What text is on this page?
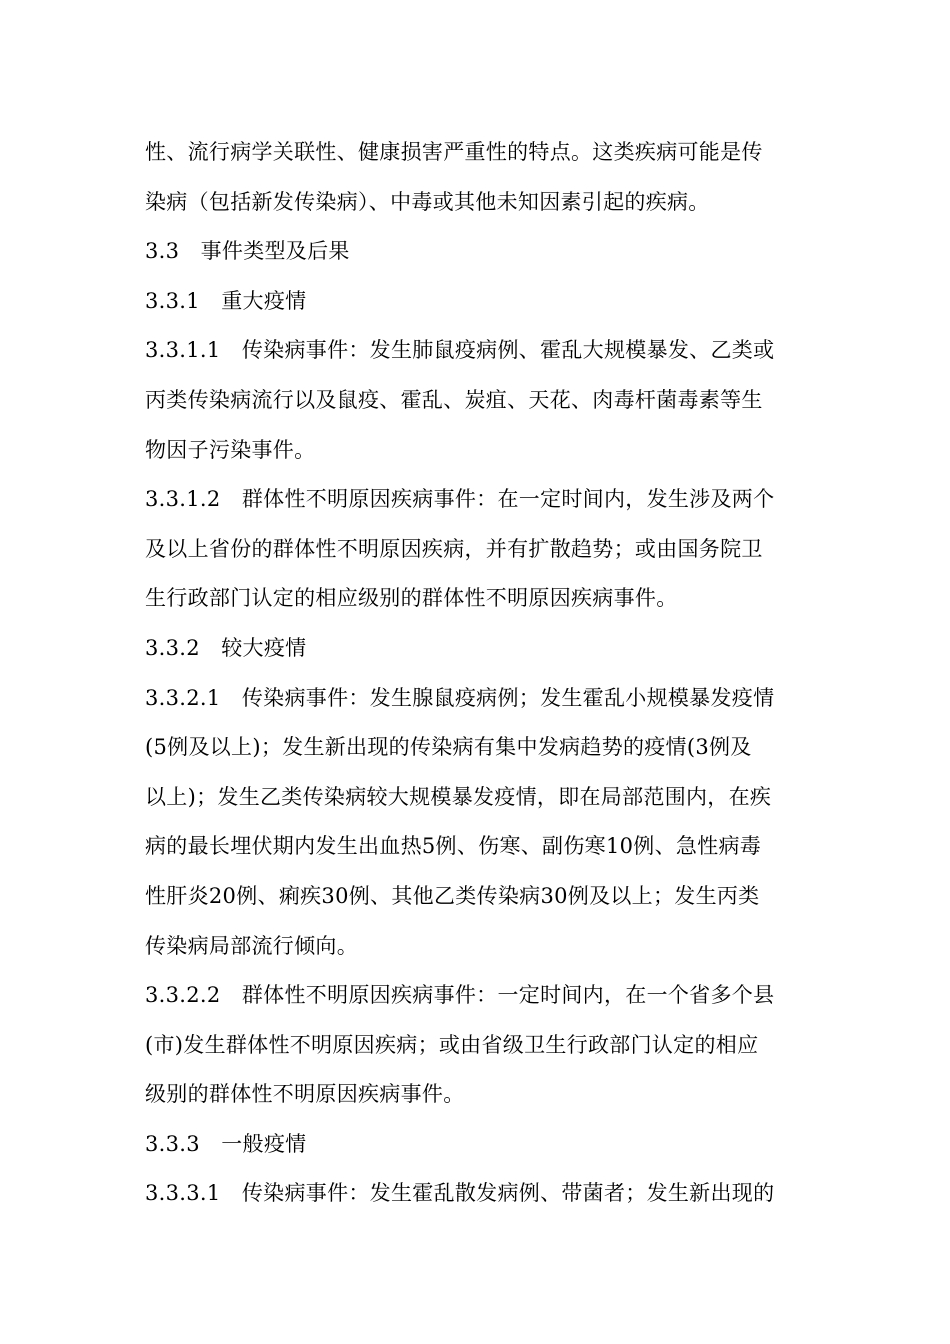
性、流行病学关联性、健康损害严重性的特点。这类疾病可能是传
染病（包括新发传染病）、中毒或其他未知因素引起的疾病。
3.3　事件类型及后果
3.3.1　重大疫情
3.3.1.1　传染病事件：发生肺鼠疫病例、霍乱大规模暴发、乙类或
丙类传染病流行以及鼠疫、霍乱、炭疽、天花、肉毒杆菌毒素等生
物因子污染事件。
3.3.1.2　群体性不明原因疾病事件：在一定时间内，发生涉及两个
及以上省份的群体性不明原因疾病，并有扩散趋势；或由国务院卫
生行政部门认定的相应级别的群体性不明原因疾病事件。
3.3.2　较大疫情
3.3.2.1　传染病事件：发生腺鼠疫病例；发生霍乱小规模暴发疫情
(5例及以上)；发生新出现的传染病有集中发病趋势的疫情(3例及
以上)；发生乙类传染病较大规模暴发疫情，即在局部范围内，在疾
病的最长埋伏期内发生出血热5例、伤寒、副伤寒10例、急性病毒
性肝炎20例、痢疾30例、其他乙类传染病30例及以上；发生丙类
传染病局部流行倾向。
3.3.2.2　群体性不明原因疾病事件：一定时间内，在一个省多个县
(市)发生群体性不明原因疾病；或由省级卫生行政部门认定的相应
级别的群体性不明原因疾病事件。
3.3.3　一般疫情
3.3.3.1　传染病事件：发生霍乱散发病例、带菌者；发生新出现的
